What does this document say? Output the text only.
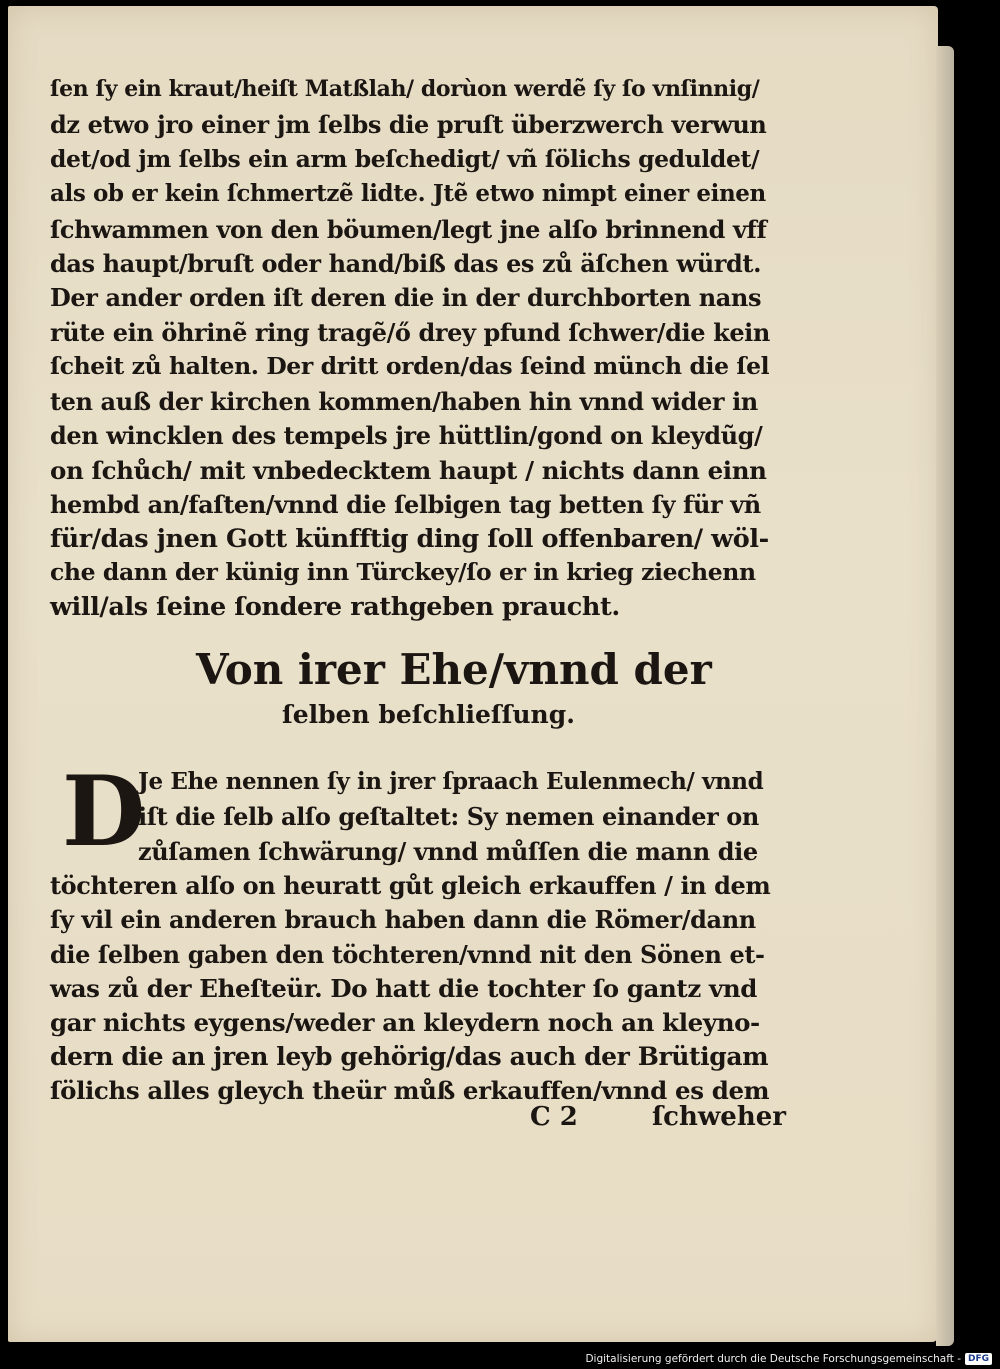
ſen ſy ein kraut/heiſt Matßlah/ dorùon werdẽ ſy ſo vnſinnig/
dz etwo jro einer jm ſelbs die pruſt überzwerch verwun
det/od jm ſelbs ein arm beſchedigt/ vñ ſölichs geduldet/
als ob er kein ſchmertzẽ lidte. Jtẽ etwo nimpt einer einen
ſchwammen von den böumen/legt jne alſo brinnend vff
das haupt/bruſt oder hand/biß das es zů äſchen würdt.
Der ander orden iſt deren die in der durchborten nans
rüte ein öhrinẽ ring tragẽ/ő drey pfund ſchwer/die kein
ſcheit zů halten. Der dritt orden/das ſeind münch die ſel
ten auß der kirchen kommen/haben hin vnnd wider in
den wincklen des tempels jre hüttlin/gond on kleydũg/
on ſchůch/ mit vnbedecktem haupt / nichts dann einn
hembd an/faſten/vnnd die ſelbigen tag betten ſy für vñ
für/das jnen Gott künfftig ding ſoll offenbaren/ wöl-
che dann der künig inn Türckey/ſo er in krieg ziechenn
will/als ſeine ſondere rathgeben praucht.
Von irer Ehe/vnnd der
ſelben beſchlieſſung.
D
Je Ehe nennen ſy in jrer ſpraach Eulenmech/ vnnd
iſt die ſelb alſo geſtaltet: Sy nemen einander on
zůſamen ſchwärung/ vnnd můſſen die mann die
töchteren alſo on heuratt gůt gleich erkauffen / in dem
ſy vil ein anderen brauch haben dann die Römer/dann
die ſelben gaben den töchteren/vnnd nit den Sönen et-
was zů der Eheſteür. Do hatt die tochter ſo gantz vnd
gar nichts eygens/weder an kleydern noch an kleyno-
dern die an jren leyb gehörig/das auch der Brütigam
ſölichs alles gleych theür můß erkauffen/vnnd es dem
C 2	ſchweher
Digitalisierung gefördert durch die Deutsche Forschungsgemeinschaft - DFG
